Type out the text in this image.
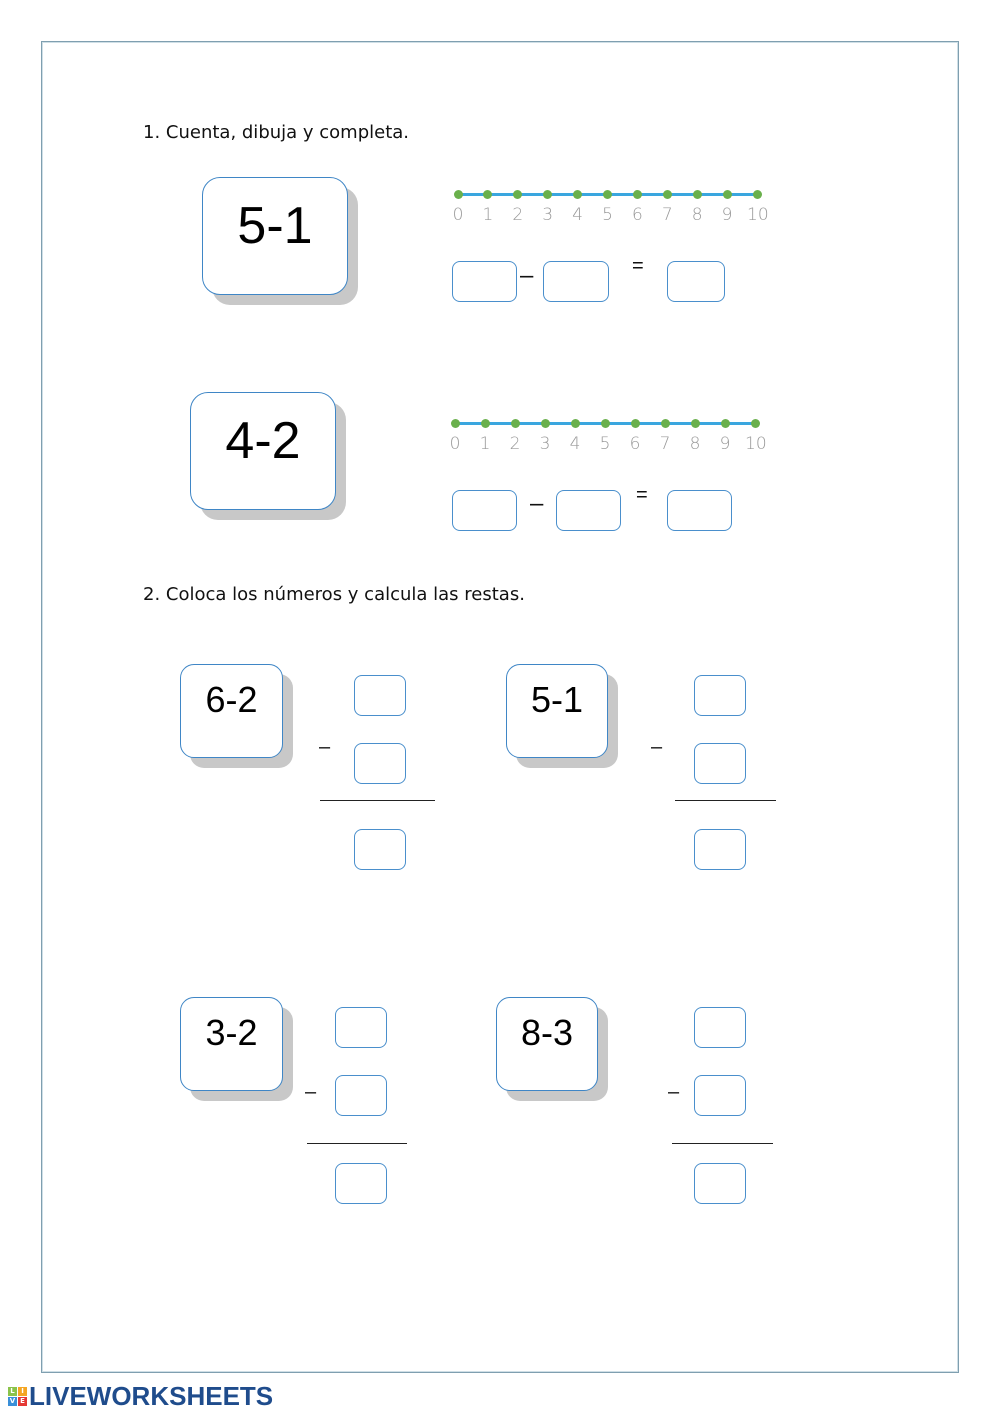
1. Cuenta, dibuja y completa.
5-1
–	=
4-2
–	=
2. Coloca los números y calcula las restas.
6-2
–
5-1
–
3-2
–
8-3
–
L I
V E LIVEWORKSHEETS
0 1 2 3 4 5 6 7 8 9 10
0 1 2 3 4 5 6 7 8 9 10
